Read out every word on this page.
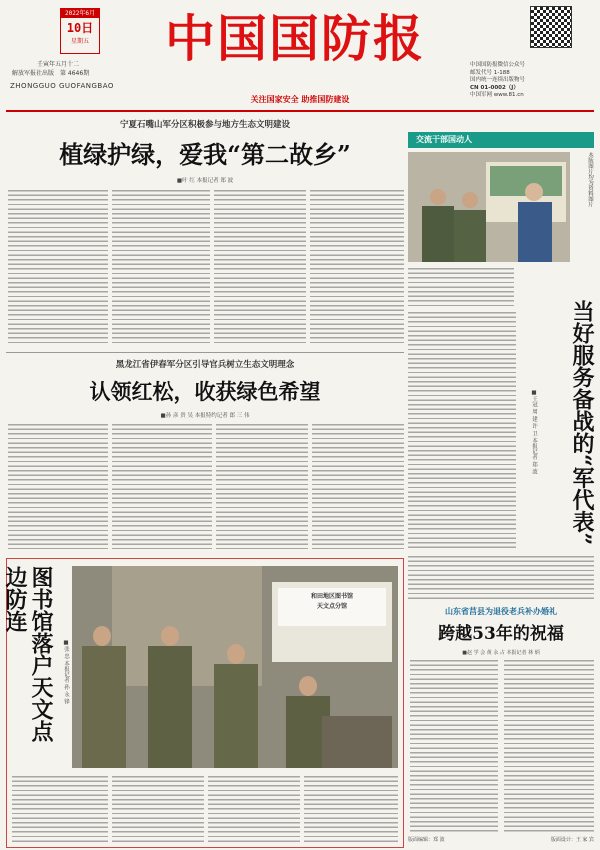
2022年6月
10日
星期五
壬寅年五月十二
解放军报社出版 第 4646期
ZHONGGUO GUOFANGBAO
中国国防报	中国国防报微信公众号
邮发代号 1-188
国内统一连续出版物号
CN 01-0002（J）
中国军网 www.81.cn
关注国家安全 助推国防建设
宁夏石嘴山军分区积极参与地方生态文明建设
植绿护绿，爱我“第二故乡”
■叶 红 本报记者 郑 波
黑龙江省伊春军分区引导官兵树立生态文明理念
认领红松，收获绿色希望
■孙 彦 贵 吴 本报特约记者 郎 三 伟
交流干部国动人
本版图片均为资料图片
当好服务备战的“军代表”
■王冠 周 建 许 卫 本报记者 郑 波
图书馆落户天文点边防连
■张 忠 本报记者 孙 永 锋
和田地区图书馆
天文点分馆
山东省莒县为退役老兵补办婚礼
跨越53年的祝福
■赵 学 会 黄 永 占 本报记者 林 炳
版面编辑：郑 波	版面设计：王 家 宾
